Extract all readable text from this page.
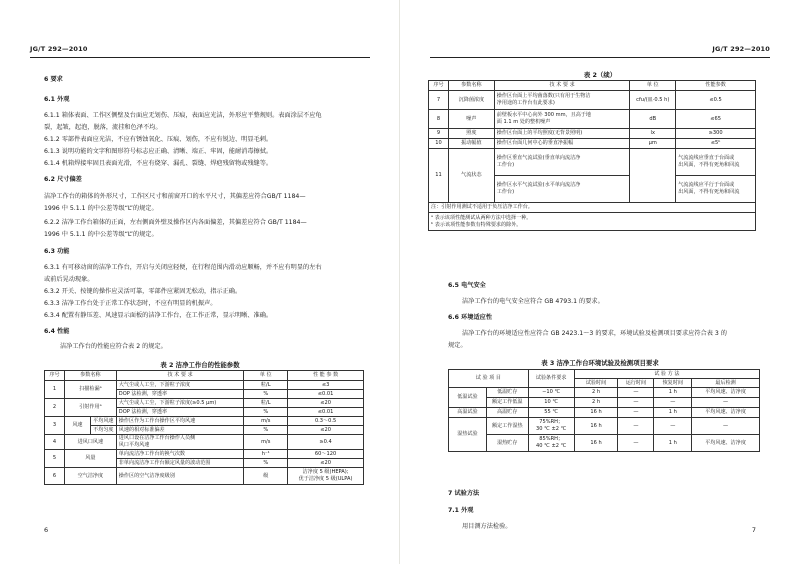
JG/T 292—2010
6 要求
6.1 外观
6.1.1 箱体表面、工作区侧壁及台面应无划伤、压痕，表面应光洁，外形应平整规则。表面涂层不应龟
裂，起皱，起泡，脱落，流挂和色泽不均。
6.1.2 零部件表面应光洁，不应有锈蚀氧化、压痕、划伤，不应有锐边、明显毛刺。
6.1.3 说明功能的文字和图形符号标志应正确、清晰、端正、牢固，能耐消毒擦拭。
6.1.4 机箱焊接牢固且表面光滑，不应有烧穿、漏孔、裂缝、焊疤残留物或残缝等。
6.2 尺寸偏差
洁净工作台的箱体的外形尺寸，工作区尺寸和前窗开口的水平尺寸，其偏差应符合GB/T 1184—
1996 中 5.1.1 的中公差等级“L”的规定。
6.2.2 洁净工作台箱体的正面，左右侧面外壁及操作区内各面偏差，其偏差应符合 GB/T 1184—
1996 中 5.1.1 的中公差等级“L”的规定。
6.3 功能
6.3.1 有可移动窗的洁净工作台，开启与关闭应轻便，在行程范围内滑动应顺畅，并不应有明显的左右
或前后晃动现象。
6.3.2 开关、按键的操作应灵活可靠，零部件应紧固无松动，指示正确。
6.3.3 洁净工作台处于正常工作状态时，不应有明显的机振声。
6.3.4 配置有静压差、风速显示面板的洁净工作台，在工作正常，显示明晰、准确。
6.4 性能
洁净工作台的性能应符合表 2 的规定。
表 2 洁净工作台的性能参数
序号	参数名称		技 术 要 求	单 位	性 能 参 数
1	扫描检漏ᵃ		大气尘或人工尘，下游粒子浓度	粒/L	≤3
			DOP 法检测，穿透率	%	≤0.01
2	引射作用ᵃ		大气尘或人工尘，下游粒子浓度(≥0.5 μm)	粒/L	≤20
			DOP 法检测，穿透率	%	≤0.01
3	风速	平均风速	操作区作为工作台操作区平均风速	m/s	0.3～0.5
		不均匀度	风速的相对标准偏差	%	≤20
4	进风口风速		进风口设在洁净工作台操作人员侧
风口平均风速	m/s	≥0.4
5	风量		单向流洁净工作台的换气次数	h⁻¹	60～120
			非单向流洁净工作台额定风量的波动范围	%	≤20
6	空气洁净度		操作区的空气洁净度级别	级	洁净度 5 级(HEPA);
优于洁净度 5 级(ULPA)
6
JG/T 292—2010
表 2（续）
序号	参数名称	技 术 要 求	单 位	性能参数
7	沉降菌浓度	操作区台面上平均菌落数(只有用于生物洁
净用途的工作台有此要求)	cfu/(皿·0.5 h)	≤0.5
8	噪声	前壁板水平中心向外 300 mm，且高于地
面 1.1 m 处的整机噪声	dB	≤65
9	照度	操作区台面上的平均照度(无背景照明)	lx	≥300
10	振动幅值	操作区台面几何中心的垂直净振幅	μm	≤5ᵇ
11	气流状态	操作区垂直气流试验(垂直单向流洁净
工作台)		气流流线应垂直于台面或
出风面，不得有死角和回流
		操作区水平气流试验(水平单向流洁净
工作台)		气流流线应平行于台面或
出风面，不得有死角和回流
注：引射作用测试不适用于负压洁净工作台。				
ᵃ 表示该项性能测试从两种方法中选择一种。
ᵇ 表示该项性能参数有特殊要求的除外。				
6.5 电气安全
洁净工作台的电气安全应符合 GB 4793.1 的要求。
6.6 环境适应性
洁净工作台的环境适应性应符合 GB 2423.1～3 的要求，环境试验及检测项目要求应符合表 3 的
规定。
表 3 洁净工作台环境试验及检测项目要求
试 验 项 目		试验条件要求	试 验 方 法			
			试验时间	运行时间	恢复时间	最后检测
低温试验	低温贮存	−10 ℃	2 h	—	1 h	平均风速、洁净度
	额定工作低温	10 ℃	2 h	—	—	—
高温试验	高温贮存	55 ℃	16 h	—	1 h	平均风速、洁净度
湿热试验	额定工作湿热	75%RH；
30 ℃ ±2 ℃	16 h	—	—	—
	湿热贮存	85%RH；
40 ℃ ±2 ℃	16 h	—	1 h	平均风速、洁净度
7 试验方法
7.1 外观
用目测方法检验。	7
